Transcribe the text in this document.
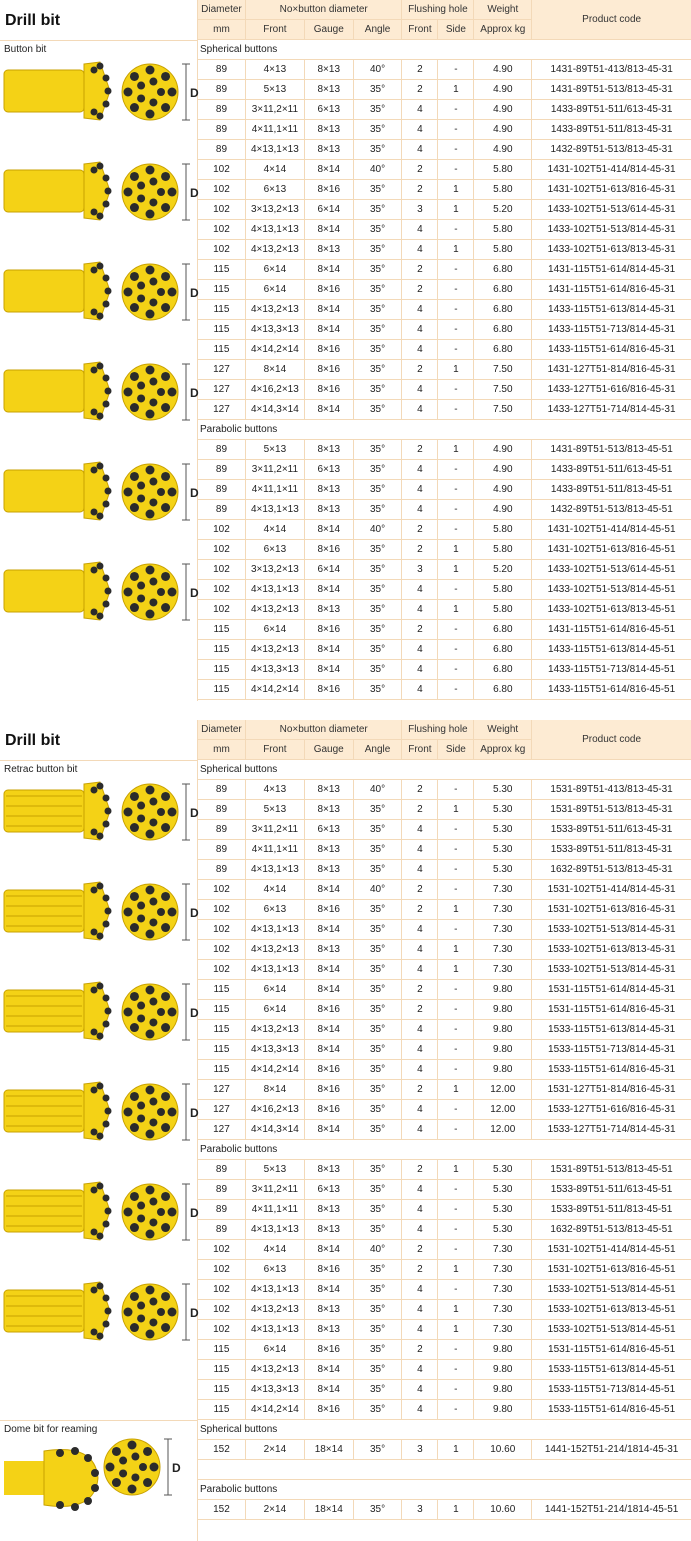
Drill bit
Button bit
D
D
D
D
D
D
Diameter	No×button diameter			Flushing hole		Weight	Product code
mm	Front	Gauge	Angle	Front	Side	Approx kg	
Spherical buttons							
89	4×13	8×13	40°	2	-	4.90	1431-89T51-413/813-45-31
89	5×13	8×13	35°	2	1	4.90	1431-89T51-513/813-45-31
89	3×11,2×11	6×13	35°	4	-	4.90	1433-89T51-511/613-45-31
89	4×11,1×11	8×13	35°	4	-	4.90	1433-89T51-511/813-45-31
89	4×13,1×13	8×13	35°	4	-	4.90	1432-89T51-513/813-45-31
102	4×14	8×14	40°	2	-	5.80	1431-102T51-414/814-45-31
102	6×13	8×16	35°	2	1	5.80	1431-102T51-613/816-45-31
102	3×13,2×13	6×14	35°	3	1	5.20	1433-102T51-513/614-45-31
102	4×13,1×13	8×14	35°	4	-	5.80	1433-102T51-513/814-45-31
102	4×13,2×13	8×13	35°	4	1	5.80	1433-102T51-613/813-45-31
115	6×14	8×14	35°	2	-	6.80	1431-115T51-614/814-45-31
115	6×14	8×16	35°	2	-	6.80	1431-115T51-614/816-45-31
115	4×13,2×13	8×14	35°	4	-	6.80	1433-115T51-613/814-45-31
115	4×13,3×13	8×14	35°	4	-	6.80	1433-115T51-713/814-45-31
115	4×14,2×14	8×16	35°	4	-	6.80	1433-115T51-614/816-45-31
127	8×14	8×16	35°	2	1	7.50	1431-127T51-814/816-45-31
127	4×16,2×13	8×16	35°	4	-	7.50	1433-127T51-616/816-45-31
127	4×14,3×14	8×14	35°	4	-	7.50	1433-127T51-714/814-45-31
Parabolic buttons							
89	5×13	8×13	35°	2	1	4.90	1431-89T51-513/813-45-51
89	3×11,2×11	6×13	35°	4	-	4.90	1433-89T51-511/613-45-51
89	4×11,1×11	8×13	35°	4	-	4.90	1433-89T51-511/813-45-51
89	4×13,1×13	8×13	35°	4	-	4.90	1432-89T51-513/813-45-51
102	4×14	8×14	40°	2	-	5.80	1431-102T51-414/814-45-51
102	6×13	8×16	35°	2	1	5.80	1431-102T51-613/816-45-51
102	3×13,2×13	6×14	35°	3	1	5.20	1433-102T51-513/614-45-51
102	4×13,1×13	8×14	35°	4	-	5.80	1433-102T51-513/814-45-51
102	4×13,2×13	8×13	35°	4	1	5.80	1433-102T51-613/813-45-51
115	6×14	8×16	35°	2	-	6.80	1431-115T51-614/816-45-51
115	4×13,2×13	8×14	35°	4	-	6.80	1433-115T51-613/814-45-51
115	4×13,3×13	8×14	35°	4	-	6.80	1433-115T51-713/814-45-51
115	4×14,2×14	8×16	35°	4	-	6.80	1433-115T51-614/816-45-51
Drill bit
Retrac button bit
Dome bit for reaming
D
D
D
D
D
D
D
Diameter	No×button diameter			Flushing hole		Weight	Product code
mm	Front	Gauge	Angle	Front	Side	Approx kg	
Spherical buttons							
89	4×13	8×13	40°	2	-	5.30	1531-89T51-413/813-45-31
89	5×13	8×13	35°	2	1	5.30	1531-89T51-513/813-45-31
89	3×11,2×11	6×13	35°	4	-	5.30	1533-89T51-511/613-45-31
89	4×11,1×11	8×13	35°	4	-	5.30	1533-89T51-511/813-45-31
89	4×13,1×13	8×13	35°	4	-	5.30	1632-89T51-513/813-45-31
102	4×14	8×14	40°	2	-	7.30	1531-102T51-414/814-45-31
102	6×13	8×16	35°	2	1	7.30	1531-102T51-613/816-45-31
102	4×13,1×13	8×14	35°	4	-	7.30	1533-102T51-513/814-45-31
102	4×13,2×13	8×13	35°	4	1	7.30	1533-102T51-613/813-45-31
102	4×13,1×13	8×14	35°	4	1	7.30	1533-102T51-513/814-45-31
115	6×14	8×14	35°	2	-	9.80	1531-115T51-614/814-45-31
115	6×14	8×16	35°	2	-	9.80	1531-115T51-614/816-45-31
115	4×13,2×13	8×14	35°	4	-	9.80	1533-115T51-613/814-45-31
115	4×13,3×13	8×14	35°	4	-	9.80	1533-115T51-713/814-45-31
115	4×14,2×14	8×16	35°	4	-	9.80	1533-115T51-614/816-45-31
127	8×14	8×16	35°	2	1	12.00	1531-127T51-814/816-45-31
127	4×16,2×13	8×16	35°	4	-	12.00	1533-127T51-616/816-45-31
127	4×14,3×14	8×14	35°	4	-	12.00	1533-127T51-714/814-45-31
Parabolic buttons							
89	5×13	8×13	35°	2	1	5.30	1531-89T51-513/813-45-51
89	3×11,2×11	6×13	35°	4	-	5.30	1533-89T51-511/613-45-51
89	4×11,1×11	8×13	35°	4	-	5.30	1533-89T51-511/813-45-51
89	4×13,1×13	8×13	35°	4	-	5.30	1632-89T51-513/813-45-51
102	4×14	8×14	40°	2	-	7.30	1531-102T51-414/814-45-51
102	6×13	8×16	35°	2	1	7.30	1531-102T51-613/816-45-51
102	4×13,1×13	8×14	35°	4	-	7.30	1533-102T51-513/814-45-51
102	4×13,2×13	8×13	35°	4	1	7.30	1533-102T51-613/813-45-51
102	4×13,1×13	8×13	35°	4	1	7.30	1533-102T51-513/814-45-51
115	6×14	8×16	35°	2	-	9.80	1531-115T51-614/816-45-51
115	4×13,2×13	8×14	35°	4	-	9.80	1533-115T51-613/814-45-51
115	4×13,3×13	8×14	35°	4	-	9.80	1533-115T51-713/814-45-51
115	4×14,2×14	8×16	35°	4	-	9.80	1533-115T51-614/816-45-51
Spherical buttons							
152	2×14	18×14	35°	3	1	10.60	1441-152T51-214/1814-45-31

Parabolic buttons							
152	2×14	18×14	35°	3	1	10.60	1441-152T51-214/1814-45-51
